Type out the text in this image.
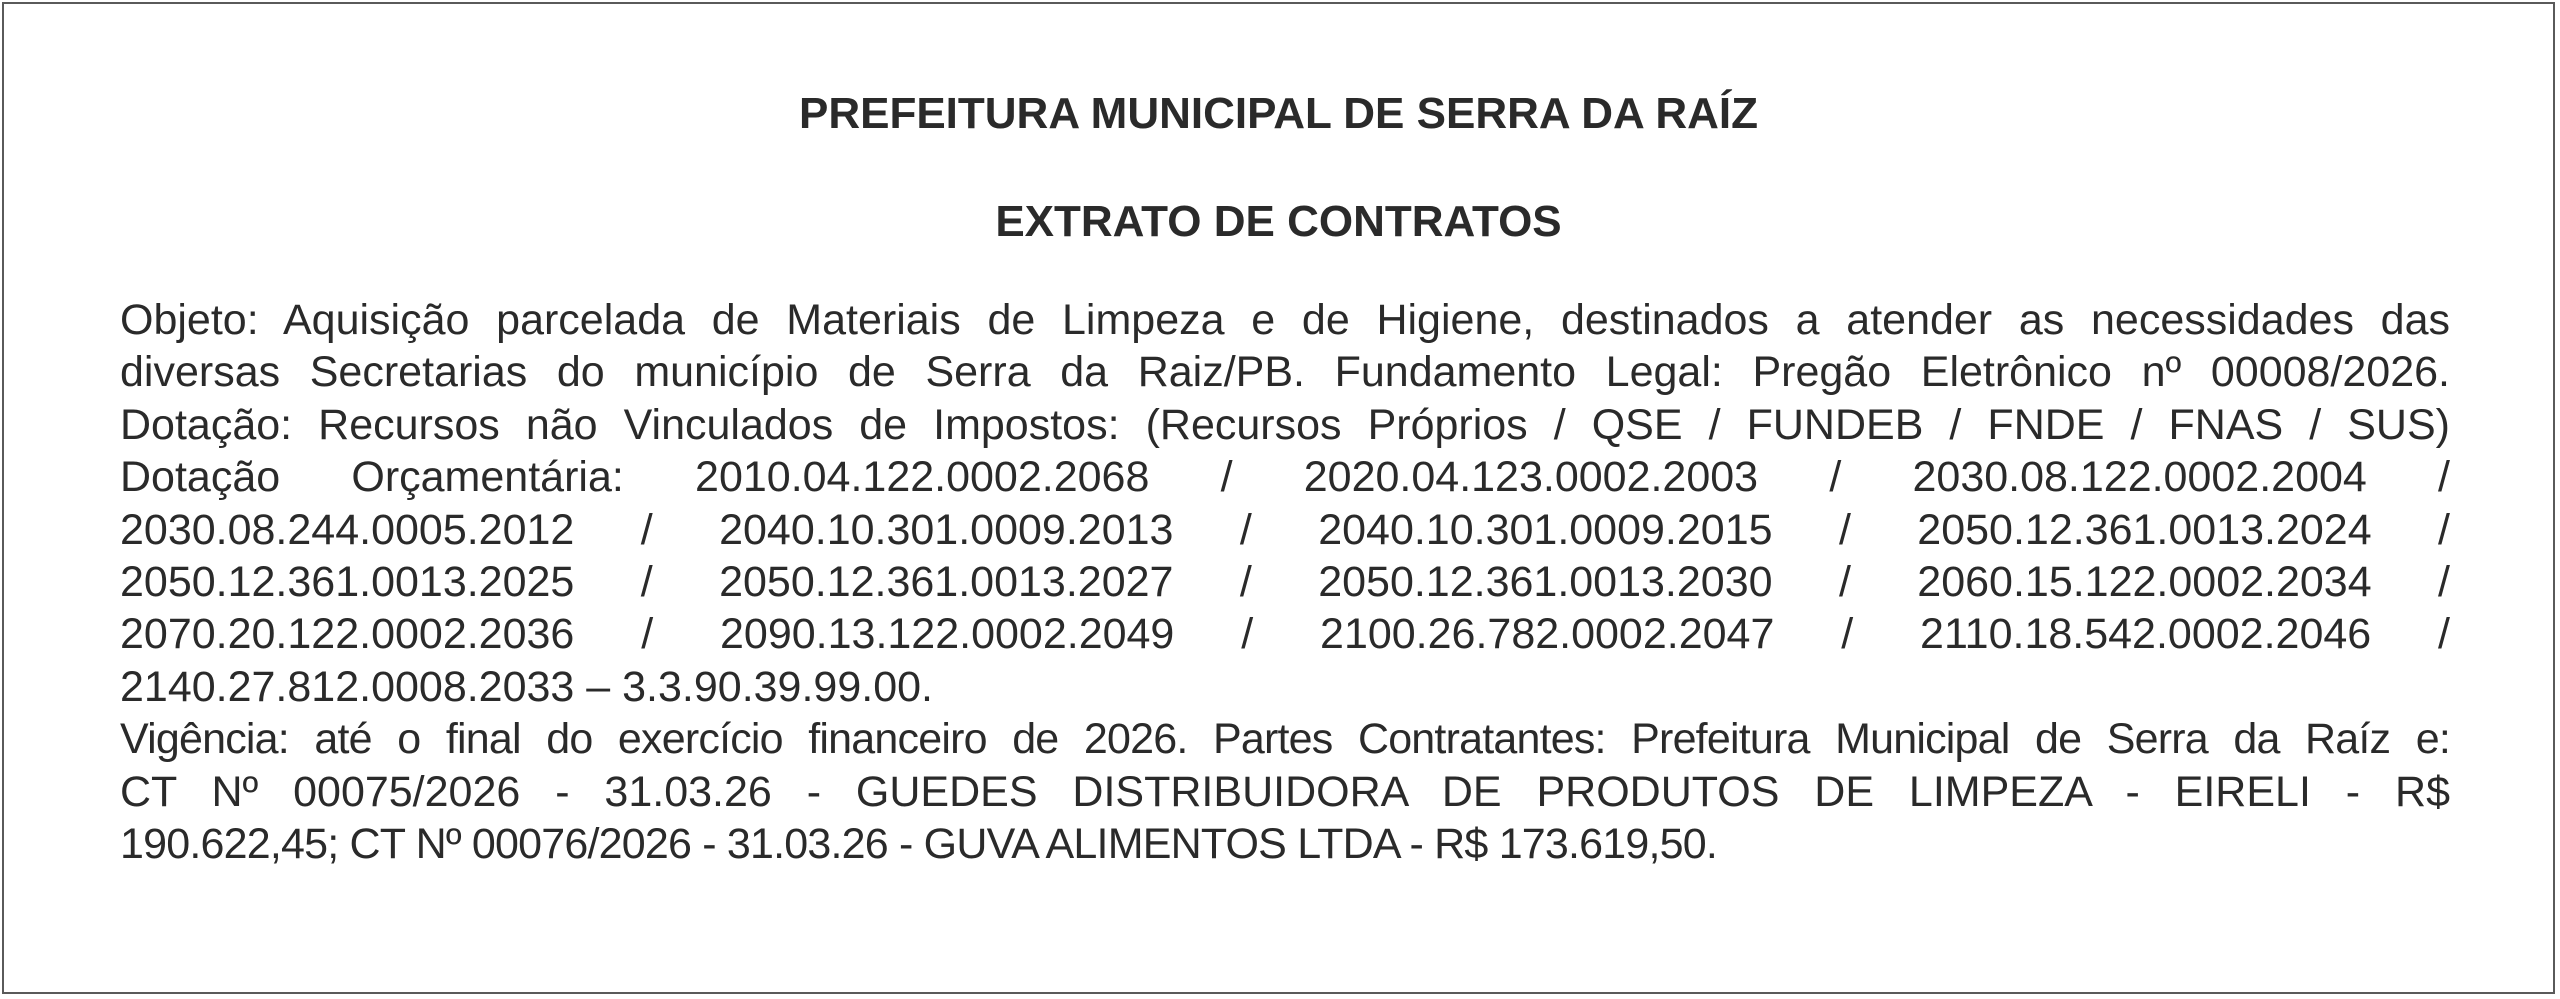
PREFEITURA MUNICIPAL DE SERRA DA RAÍZ
EXTRATO DE CONTRATOS
Objeto: Aquisição parcelada de Materiais de Limpeza e de Higiene, destinados a atender as necessidades das
diversas Secretarias do município de Serra da Raiz/PB. Fundamento Legal: Pregão Eletrônico nº 00008/2026.
Dotação: Recursos não Vinculados de Impostos: (Recursos Próprios / QSE / FUNDEB / FNDE / FNAS / SUS)
Dotação Orçamentária: 2010.04.122.0002.2068 / 2020.04.123.0002.2003 / 2030.08.122.0002.2004 /
2030.08.244.0005.2012 / 2040.10.301.0009.2013 / 2040.10.301.0009.2015 / 2050.12.361.0013.2024 /
2050.12.361.0013.2025 / 2050.12.361.0013.2027 / 2050.12.361.0013.2030 / 2060.15.122.0002.2034 /
2070.20.122.0002.2036 / 2090.13.122.0002.2049 / 2100.26.782.0002.2047 / 2110.18.542.0002.2046 /
2140.27.812.0008.2033 – 3.3.90.39.99.00.
Vigência: até o final do exercício financeiro de 2026. Partes Contratantes: Prefeitura Municipal de Serra da Raíz e:
CT Nº 00075/2026 - 31.03.26 - GUEDES DISTRIBUIDORA DE PRODUTOS DE LIMPEZA - EIRELI - R$
190.622,45; CT Nº 00076/2026 - 31.03.26 - GUVA ALIMENTOS LTDA - R$ 173.619,50.
